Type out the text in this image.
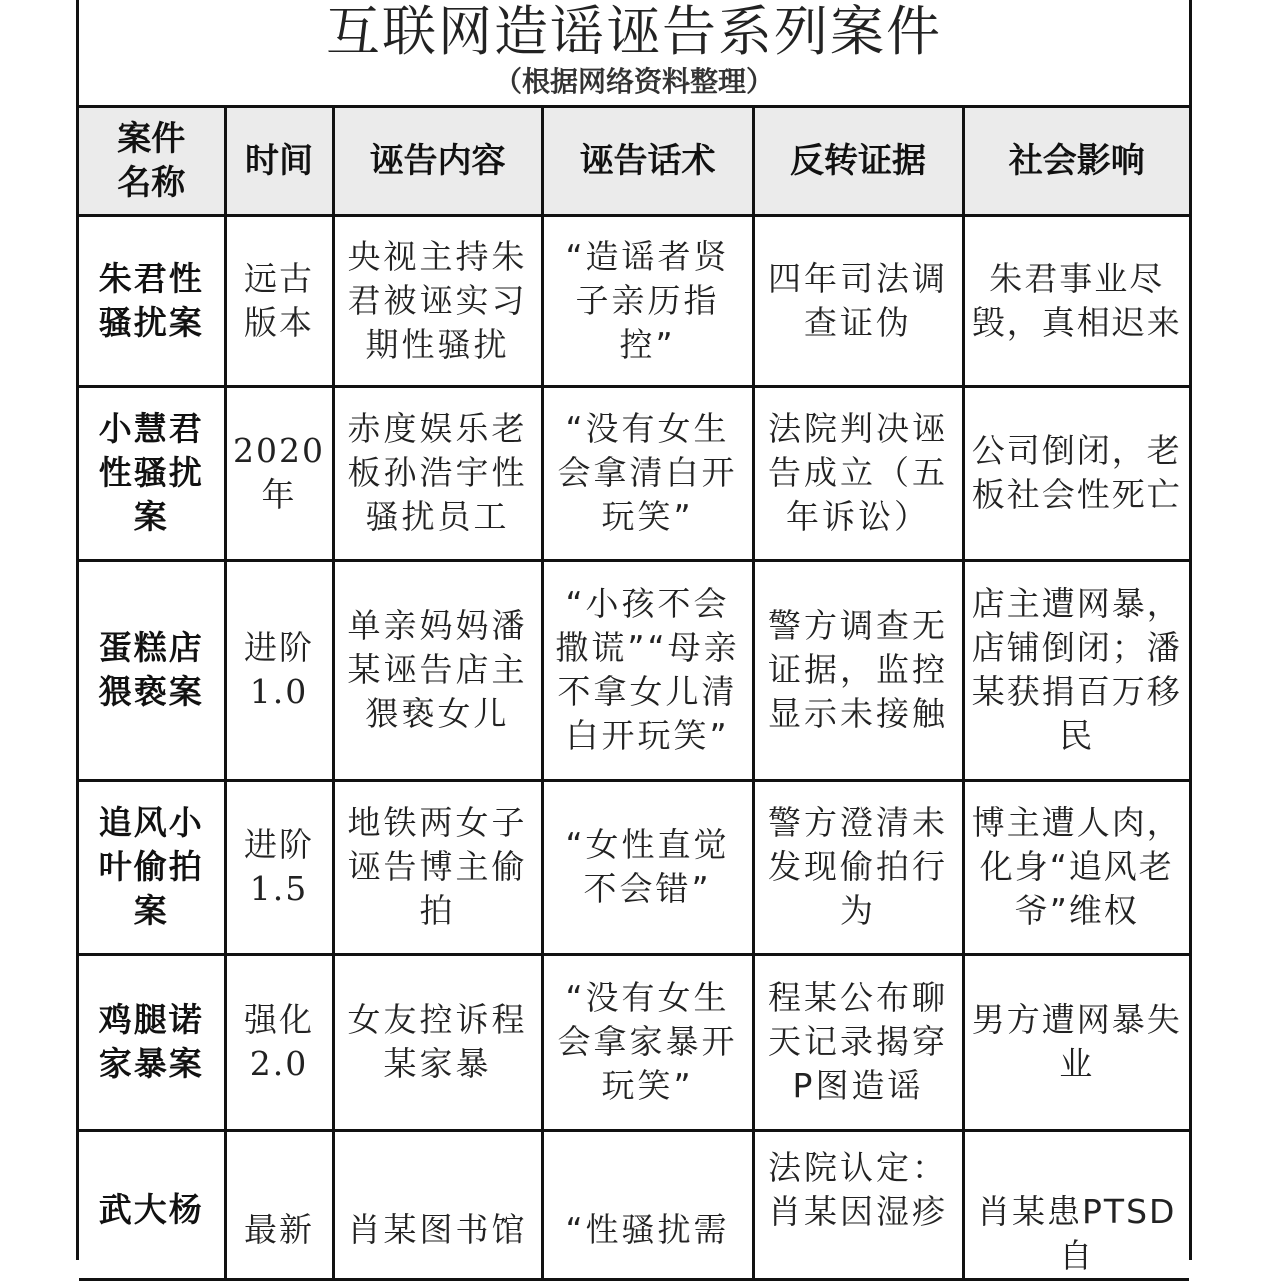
互联网造谣诬告系列案件
（根据网络资料整理）
案件名称	时间	诬告内容	诬告话术	反转证据	社会影响

朱君性骚扰案	远古版本	央视主持朱君被诬实习期性骚扰	“造谣者贤子亲历指控”	四年司法调查证伪	朱君事业尽毁，真相迟来

小慧君性骚扰案	2020年	赤度娱乐老板孙浩宇性骚扰员工	“没有女生会拿清白开玩笑”	法院判决诬告成立（五年诉讼）	公司倒闭，老板社会性死亡

蛋糕店猥亵案	进阶1.0	单亲妈妈潘某诬告店主猥亵女儿	“小孩不会撒谎”“母亲不拿女儿清白开玩笑”	警方调查无证据，监控显示未接触	店主遭网暴，店铺倒闭；潘某获捐百万移民

追风小叶偷拍案	进阶1.5	地铁两女子诬告博主偷拍	“女性直觉不会错”	警方澄清未发现偷拍行为	博主遭人肉，化身“追风老爷”维权

鸡腿诺家暴案	强化2.0	女友控诉程某家暴	“没有女生会拿家暴开玩笑”	程某公布聊天记录揭穿P图造谣	男方遭网暴失业

武大杨	最新	肖某图书馆	“性骚扰需	法院认定：肖某因湿疹	肖某患PTSD自
